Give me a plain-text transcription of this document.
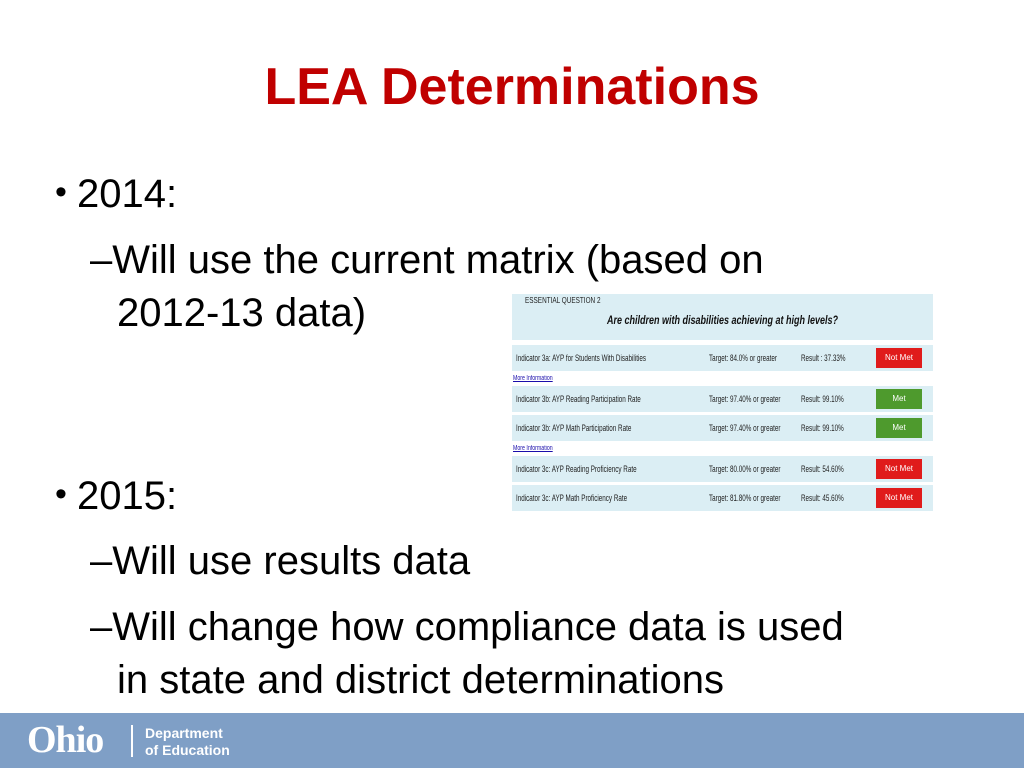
LEA Determinations
• 2014:
–Will use the current matrix (based on
2012-13 data)	ESSENTIAL QUESTION 2
Are children with disabilities achieving at high levels?
Indicator 3a: AYP for Students With Disabilities	Target: 84.0% or greater	Result : 37.33%	Not Met
More Information
Indicator 3b: AYP Reading Participation Rate	Target: 97.40% or greater Result: 99.10%	Met
Indicator 3b: AYP Math Participation Rate	Target: 97.40% or greater Result: 99.10%	Met
More Information
Indicator 3c: AYP Reading Proficiency Rate	Target: 80.00% or greater Result: 54.60%	Not Met
Indicator 3c: AYP Math Proficiency Rate	Target: 81.80% or greater Result: 45.60%	Not Met
• 2015:
–Will use results data
–Will change how compliance data is used
in state and district determinations
Ohio	Department
of Education
